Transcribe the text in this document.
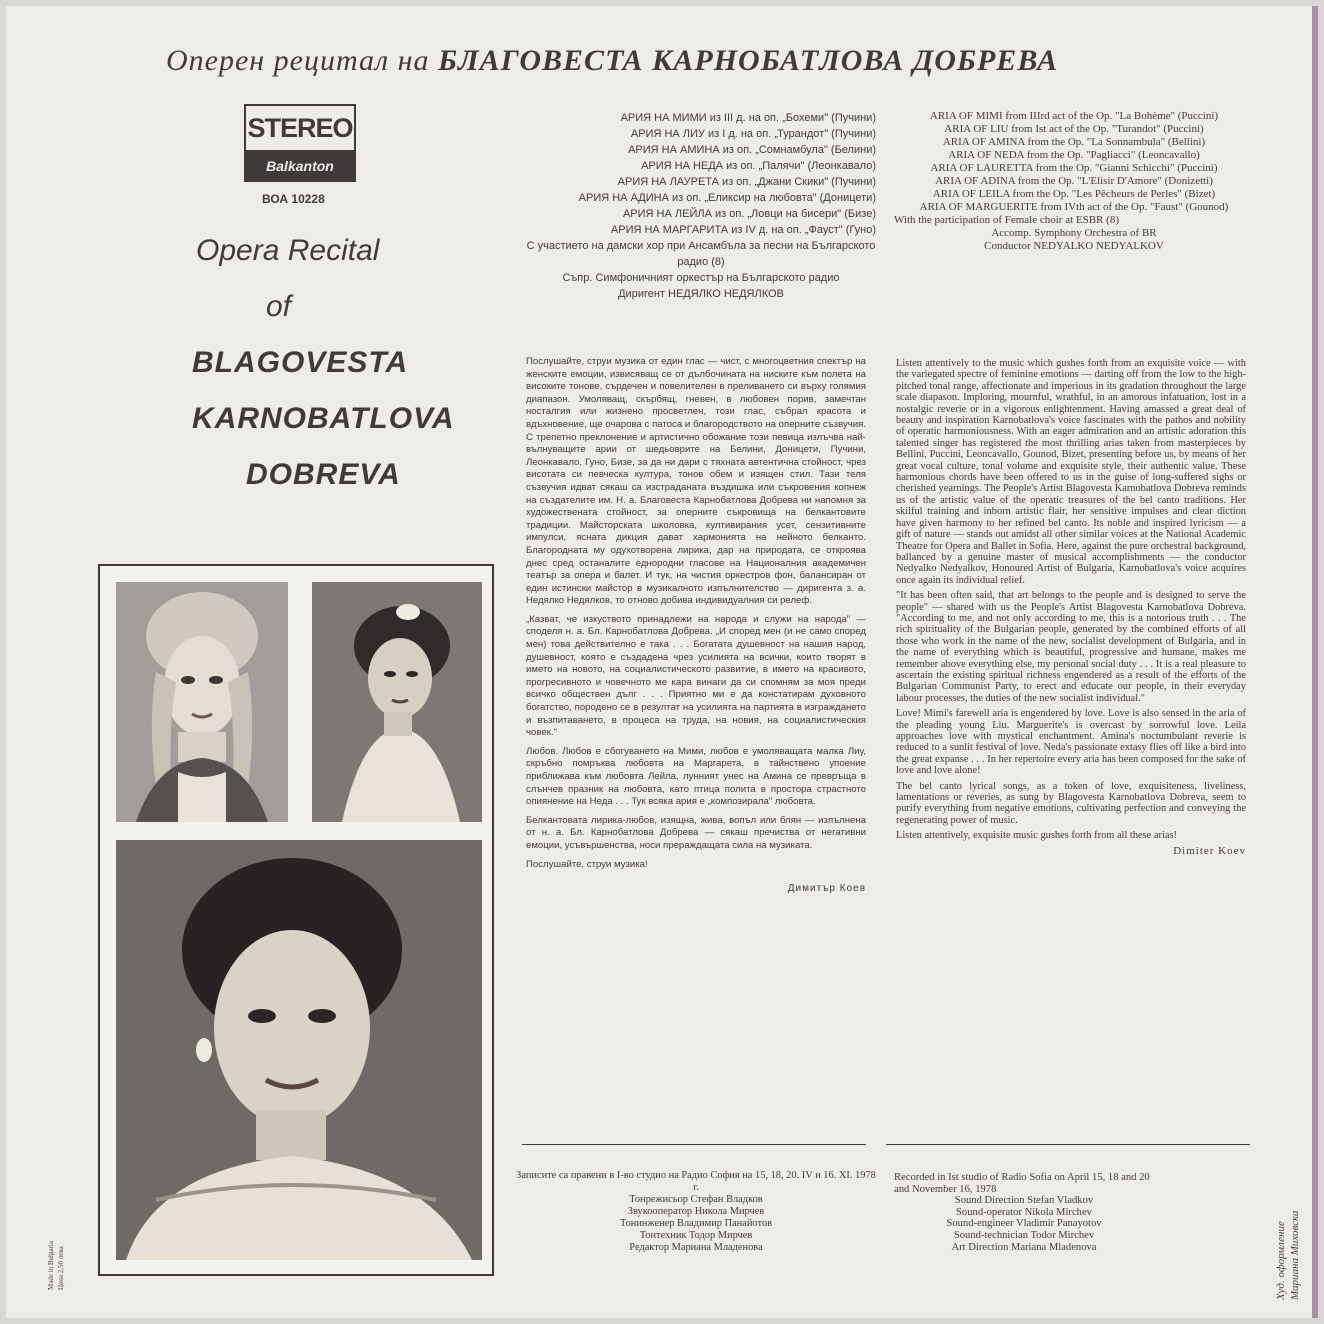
Оперен рецитал на БЛАГОВЕСТА КАРНОБАТЛОВА ДОБРЕВА
STEREO
Balkanton
ВОА 10228
Opera Recital
of
BLAGOVESTA
KARNOBATLOVA
DOBREVA
АРИЯ НА МИМИ из III д. на оп. „Бохеми" (Пучини)
АРИЯ НА ЛИУ из I д. на оп. „Турандот" (Пучини)
АРИЯ НА АМИНА из оп. „Сомнамбула" (Белини)
АРИЯ НА НЕДА из оп. „Палячи" (Леонкавало)
АРИЯ НА ЛАУРЕТА из оп. „Джани Скики" (Пучини)
АРИЯ НА АДИНА из оп. „Еликсир на любовта" (Доницети)
АРИЯ НА ЛЕЙЛА из оп. „Ловци на бисери" (Бизе)
АРИЯ НА МАРГАРИТА из IV д. на оп. „Фауст" (Гуно)
С участието на дамски хор при Ансамбъла за песни на Българското радио (8)
Съпр. Симфоничният оркестър на Българското радио
Диригент НЕДЯЛКО НЕДЯЛКОВ
ARIA OF MIMI from IIIrd act of the Op. "La Bohème" (Puccini)
ARIA OF LIU from Ist act of the Op. "Turandot" (Puccini)
ARIA OF AMINA from the Op. "La Sonnambula" (Bellini)
ARIA OF NEDA from the Op. "Pagliacci" (Leoncavallo)
ARIA OF LAURETTA from the Op. "Gianni Schicchi" (Puccini)
ARIA OF ADINA from the Op. "L'Elisir D'Amore" (Donizetti)
ARIA OF LEILA from the Op. "Les Pêcheurs de Perles" (Bizet)
ARIA OF MARGUERITE from IVth act of the Op. "Faust" (Gounod)
With the participation of Female choir at ESBR (8)
Accomp. Symphony Orchestra of BR
Conductor NEDYALKO NEDYALKOV

Послушайте, струи музика от един глас — чист, с многоцветния спектър на женските емоции, извисяващ се от дълбочината на ниските към полета на високите тонове, сърдечен и повелителен в преливането си върху голямия диапазон. Умоляващ, скърбящ, гневен, в любовен порив, замечтан носталгия или жизнено просветлен, този глас, събрал красота и вдъхновение, ще очарова с патоса и благородството на оперните съзвучия. С трепетно преклонение и артистично обожание този певица излъчва най-вълнуващите арии от шедьоврите на Белини, Доницети, Пучини, Леонкавало, Гуно, Бизе, за да ни дари с тяхната автентична стойност, чрез висотата си певческа култура, тонов обем и изящен стил. Тази теля съзвучия идват сякаш са изстраданата въздишка или съкровения копнеж на създателите им. Н. а. Благовеста Карнобатлова Добрева ни напомня за художествената стойност, за оперните съкровища на белкантовите традиции. Майсторската школовка, култивирания усет, сензитивните импулси, ясната дикция дават хармонията на нейното белканто. Благородната му одухотворена лирика, дар на природата, се откроява днес сред останалите еднородни гласове на Националния академичен театър за опера и балет. И тук, на чистия оркестров фон, балансиран от един истински майстор в музикалното изпълнителство — диригента з. а. Недялко Недялков, то отново добива индивидуалния си релеф.

„Казват, че изкуството принадлежи на народа и служи на народа" — споделя н. а. Бл. Карнобатлова Добрева. „И според мен (и не само според мен) това действително е така . . . Богатата душевност на нашия народ, душевност, която е създадена чрез усилията на всички, които творят в името на новото, на социалистическото развитие, в името на красивото, прогресивното и човечното ме кара винаги да си спомням за моя преди всичко обществен дълг . . . Приятно ми е да констатирам духовното богатство, породено се в резултат на усилията на партията в изграждането и възпитаването, в процеса на труда, на новия, на социалистическия човек."

Любов. Любов е сбогуването на Мими, любов е умоляващата малка Лиу, скръбно помръква любовта на Маргарета, в тайнствено упоение приближава към любовта Лейла, лунният унес на Амина се превръща в слънчев празник на любовта, като птица полита в простора страстното опиянение на Неда . . . Тук всяка ария е „композирала" любовта.

Белкантовата лирика-любов, изящна, жива, вопъл или блян — изпълнена от н. а. Бл. Карнобатлова Добрева — сякаш пречиства от негативни емоции, усъвършенства, носи прераждащата сила на музиката.

Послушайте, струи музика!

Димитър Коев

Listen attentively to the music which gushes forth from an exquisite voice — with the variegated spectre of feminine emotions — darting off from the low to the high-pitched tonal range, affectionate and imperious in its gradation throughout the large scale diapason. Imploring, mournful, wrathful, in an amorous infatuation, lost in a nostalgic reverie or in a vigorous enlightenment. Having amassed a great deal of beauty and inspiration Karnobatlova's voice fascinates with the pathos and nobility of operatic harmoniousness. With an eager admiration and an artistic adoration this talented singer has registered the most thrilling arias taken from masterpieces by Bellini, Puccini, Leoncavallo, Gounod, Bizet, presenting before us, by means of her great vocal culture, tonal volume and exquisite style, their authentic value. These harmonious chords have been offered to us in the guise of long-suffered sighs or cherished yearnings. The People's Artist Blagovesta Karnobatlova Dobreva reminds us of the artistic value of the operatic treasures of the bel canto traditions. Her skilful training and inborn artistic flair, her sensitive impulses and clear diction have given harmony to her refined bel canto. Its noble and inspired lyricism — a gift of nature — stands out amidst all other similar voices at the National Academic Theatre for Opera and Ballet in Sofia. Here, against the pure orchestral background, ballanced by a genuine master of musical accomplishments — the conductor Nedyalko Nedyalkov, Honoured Artist of Bulgaria, Karnobatlova's voice acquires once again its individual relief.

"It has been often said, that art belongs to the people and is designed to serve the people" — shared with us the People's Artist Blagovesta Karnobatlova Dobreva. "According to me, and not only according to me, this is a notorious truth . . . The rich spirituality of the Bulgarian people, generated by the combined efforts of all those who work in the name of the new, socialist development of Bulgaria, and in the name of everything which is beautiful, progressive and humane, makes me remember above everything else, my personal social duty . . . It is a real pleasure to ascertain the existing spiritual richness engendered as a result of the efforts of the Bulgarian Communist Party, to erect and educate our people, in their everyday labour processes, the duties of the new socialist individual."

Love! Mimi's farewell aria is engendered by love. Love is also sensed in the aria of the pleading young Liu. Marguerite's is overcast by sorrowful love. Leila approaches love with mystical enchantment. Amina's noctumbulant reverie is reduced to a sunlit festival of love. Neda's passionate extasy flies off like a bird into the great expanse . . . In her repertoire every aria has been composed for the sake of love and love alone!

The bel canto lyrical songs, as a token of love, exquisiteness, liveliness, lamentations or reveries, as sung by Blagovesta Karnobatlova Dobreva, seem to purify everything from negative emotions, cultivating perfection and conveying the regenerating power of music.

Listen attentively, exquisite music gushes forth from all these arias!

Dimiter Koev
Записите са правени в I-во студио на Радио София на 15, 18, 20. IV и 16. XI. 1978 г.
Тонрежисьор Стефан Владков
Звукооператор Никола Мирчев
Тонинженер Владимир Панайотов
Тонтехник Тодор Мирчев
Редактор Мариана Младенова
Recorded in Ist studio of Radio Sofia on April 15, 18 and 20 and November 16, 1978
Sound Direction Stefan Vladkov
Sound-operator Nikola Mirchev
Sound-engineer Vladimir Panayotov
Sound-technician Todor Mirchev
Art Direction Mariana Mladenova
Made in Bulgaria Цена 2,50 лева	Худ. оформление Мариана Миховска
